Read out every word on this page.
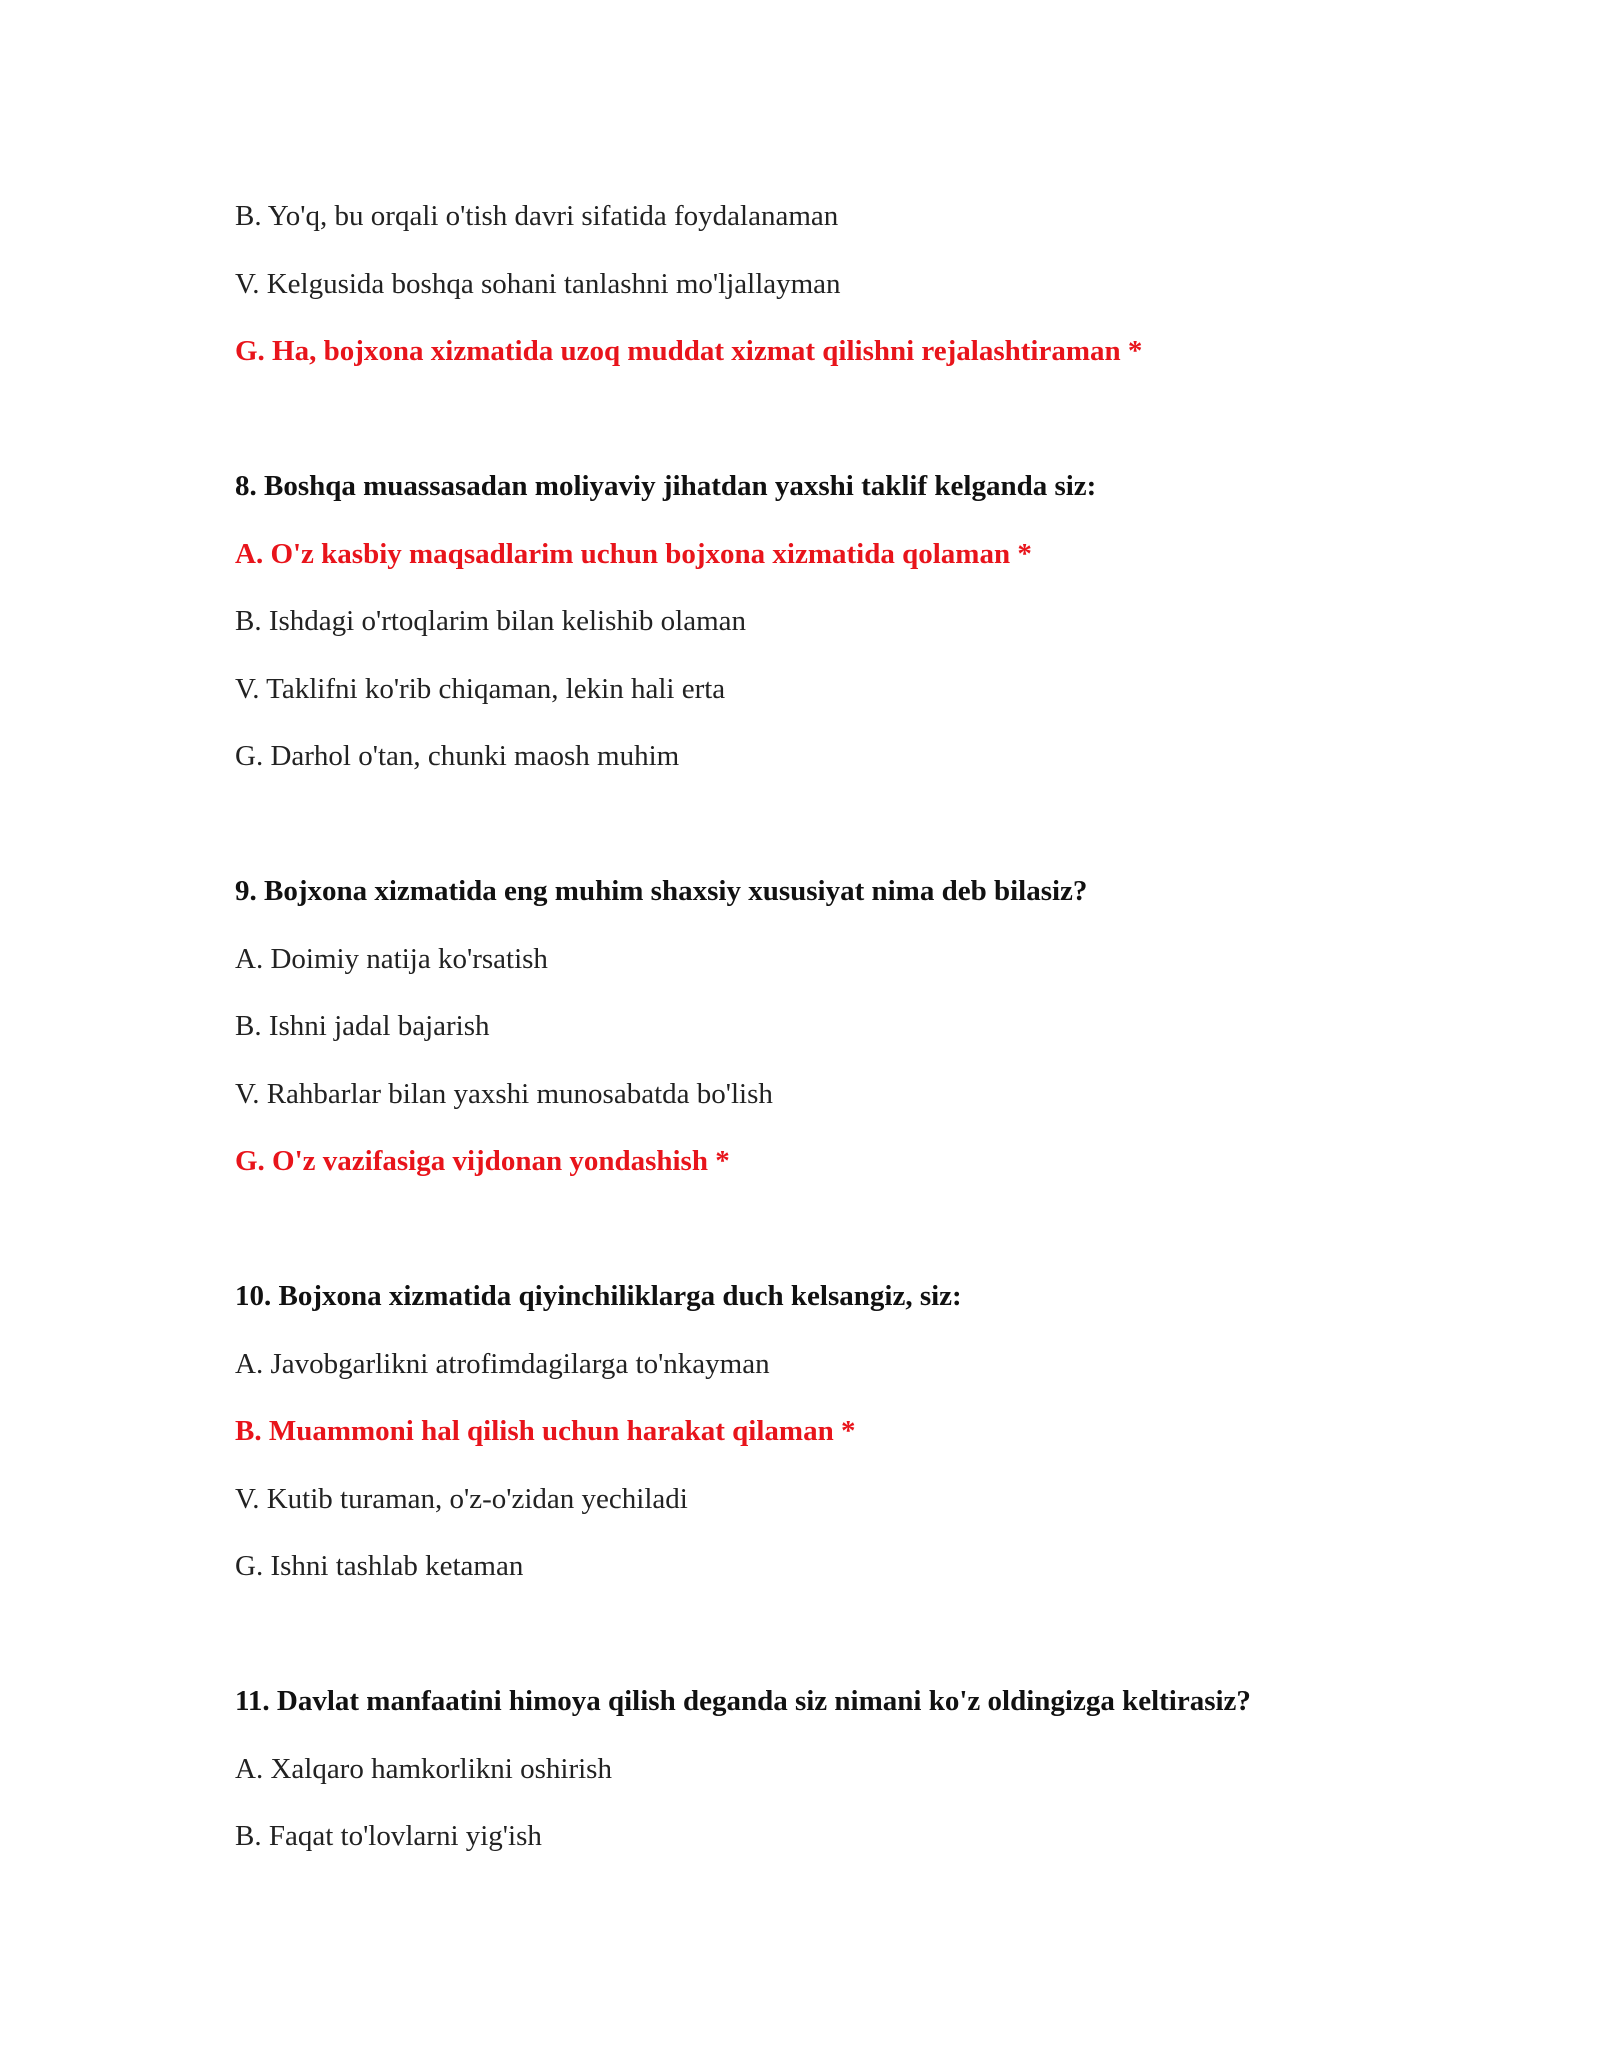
B. Yo'q, bu orqali o'tish davri sifatida foydalanaman
V. Kelgusida boshqa sohani tanlashni mo'ljallayman
G. Ha, bojxona xizmatida uzoq muddat xizmat qilishni rejalashtiraman *
8. Boshqa muassasadan moliyaviy jihatdan yaxshi taklif kelganda siz:
A. O'z kasbiy maqsadlarim uchun bojxona xizmatida qolaman *
B. Ishdagi o'rtoqlarim bilan kelishib olaman
V. Taklifni ko'rib chiqaman, lekin hali erta
G. Darhol o'tan, chunki maosh muhim
9. Bojxona xizmatida eng muhim shaxsiy xususiyat nima deb bilasiz?
A. Doimiy natija ko'rsatish
B. Ishni jadal bajarish
V. Rahbarlar bilan yaxshi munosabatda bo'lish
G. O'z vazifasiga vijdonan yondashish *
10. Bojxona xizmatida qiyinchiliklarga duch kelsangiz, siz:
A. Javobgarlikni atrofimdagilarga to'nkayman
B. Muammoni hal qilish uchun harakat qilaman *
V. Kutib turaman, o'z-o'zidan yechiladi
G. Ishni tashlab ketaman
11. Davlat manfaatini himoya qilish deganda siz nimani ko'z oldingizga keltirasiz?
A. Xalqaro hamkorlikni oshirish
B. Faqat to'lovlarni yig'ish
